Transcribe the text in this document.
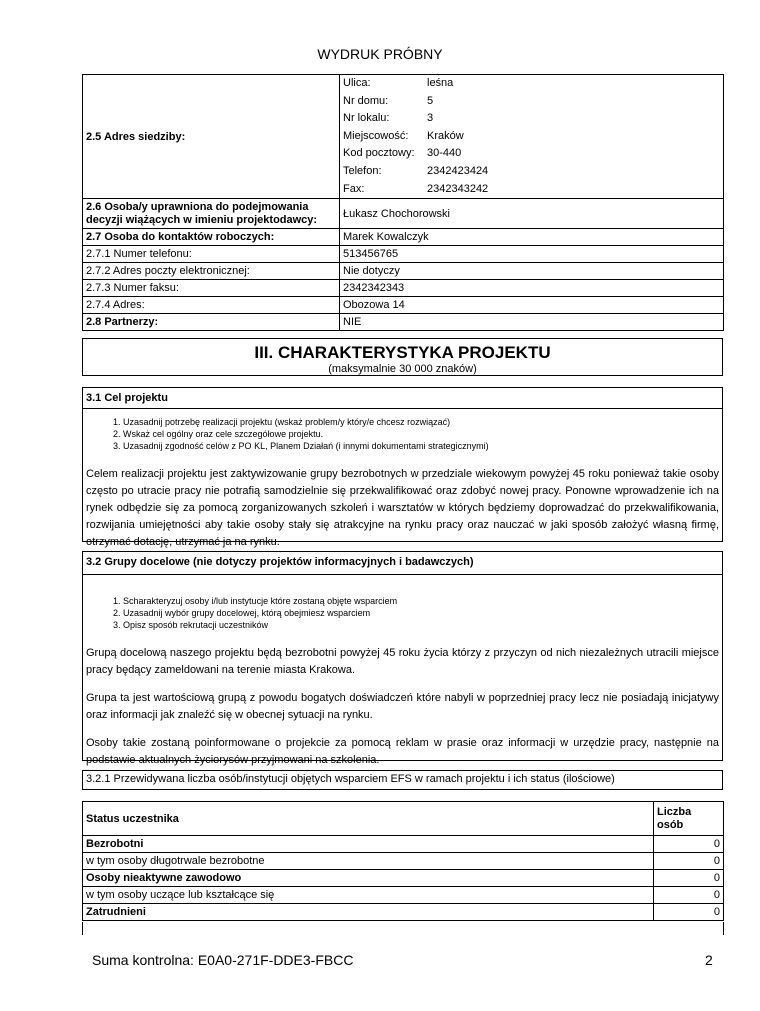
WYDRUK PRÓBNY
2.5 Adres siedziby:	
Ulica:	leśna
Nr domu:	5
Nr lokalu:	3
Miejscowość: Kraków
Kod pocztowy: 30-440
Telefon:	2342423424
Fax:	2342343242
2.6 Osoba/y uprawniona do podejmowania decyzji wiążących w imieniu projektodawcy:	Łukasz Chochorowski
2.7 Osoba do kontaktów roboczych:	Marek Kowalczyk
2.7.1 Numer telefonu:	513456765
2.7.2 Adres poczty elektronicznej:	Nie dotyczy
2.7.3 Numer faksu:	2342342343
2.7.4 Adres:	Obozowa 14
2.8 Partnerzy:	NIE
III. CHARAKTERYSTYKA PROJEKTU
(maksymalnie 30 000 znaków)
3.1 Cel projektu
1. Uzasadnij potrzebę realizacji projektu (wskaż problem/y który/e chcesz rozwiązać)
2. Wskaż cel ogólny oraz cele szczegółowe projektu.
3. Uzasadnij zgodność celów z PO KL, Planem Działań (i innymi dokumentami strategicznymi)
Celem realizacji projektu jest zaktywizowanie grupy bezrobotnych w przedziale wiekowym powyżej 45 roku ponieważ takie osoby często po utracie pracy nie potrafią samodzielnie się przekwalifikować oraz zdobyć nowej pracy. Ponowne wprowadzenie ich na rynek odbędzie się za pomocą zorganizowanych szkoleń i warsztatów w których będziemy doprowadzać do przekwalifikowania, rozwijania umiejętności aby takie osoby stały się atrakcyjne na rynku pracy oraz nauczać w jaki sposób założyć własną firmę, otrzymać dotację, utrzymać ja na rynku.
3.2 Grupy docelowe (nie dotyczy projektów informacyjnych i badawczych)
1. Scharakteryzuj osoby i/lub instytucje które zostaną objęte wsparciem
2. Uzasadnij wybór grupy docelowej, którą obejmiesz wsparciem
3. Opisz sposób rekrutacji uczestników
Grupą docelową naszego projektu będą bezrobotni powyżej 45 roku życia którzy z przyczyn od nich niezależnych utracili miejsce pracy będący zameldowani na terenie miasta Krakowa.
Grupa ta jest wartościową grupą z powodu bogatych doświadczeń które nabyli w poprzedniej pracy lecz nie posiadają inicjatywy oraz informacji jak znaleźć się w obecnej sytuacji na rynku.
Osoby takie zostaną poinformowane o projekcie za pomocą reklam w prasie oraz informacji w urzędzie pracy, następnie na podstawie aktualnych życiorysów przyjmowani na szkolenia.
3.2.1 Przewidywana liczba osób/instytucji objętych wsparciem EFS w ramach projektu i ich status (ilościowe)
Status uczestnika	Liczba osób
Bezrobotni	0
w tym osoby długotrwale bezrobotne	0
Osoby nieaktywne zawodowo	0
w tym osoby uczące lub kształcące się	0
Zatrudnieni	0
Suma kontrolna: E0A0-271F-DDE3-FBCC	2
